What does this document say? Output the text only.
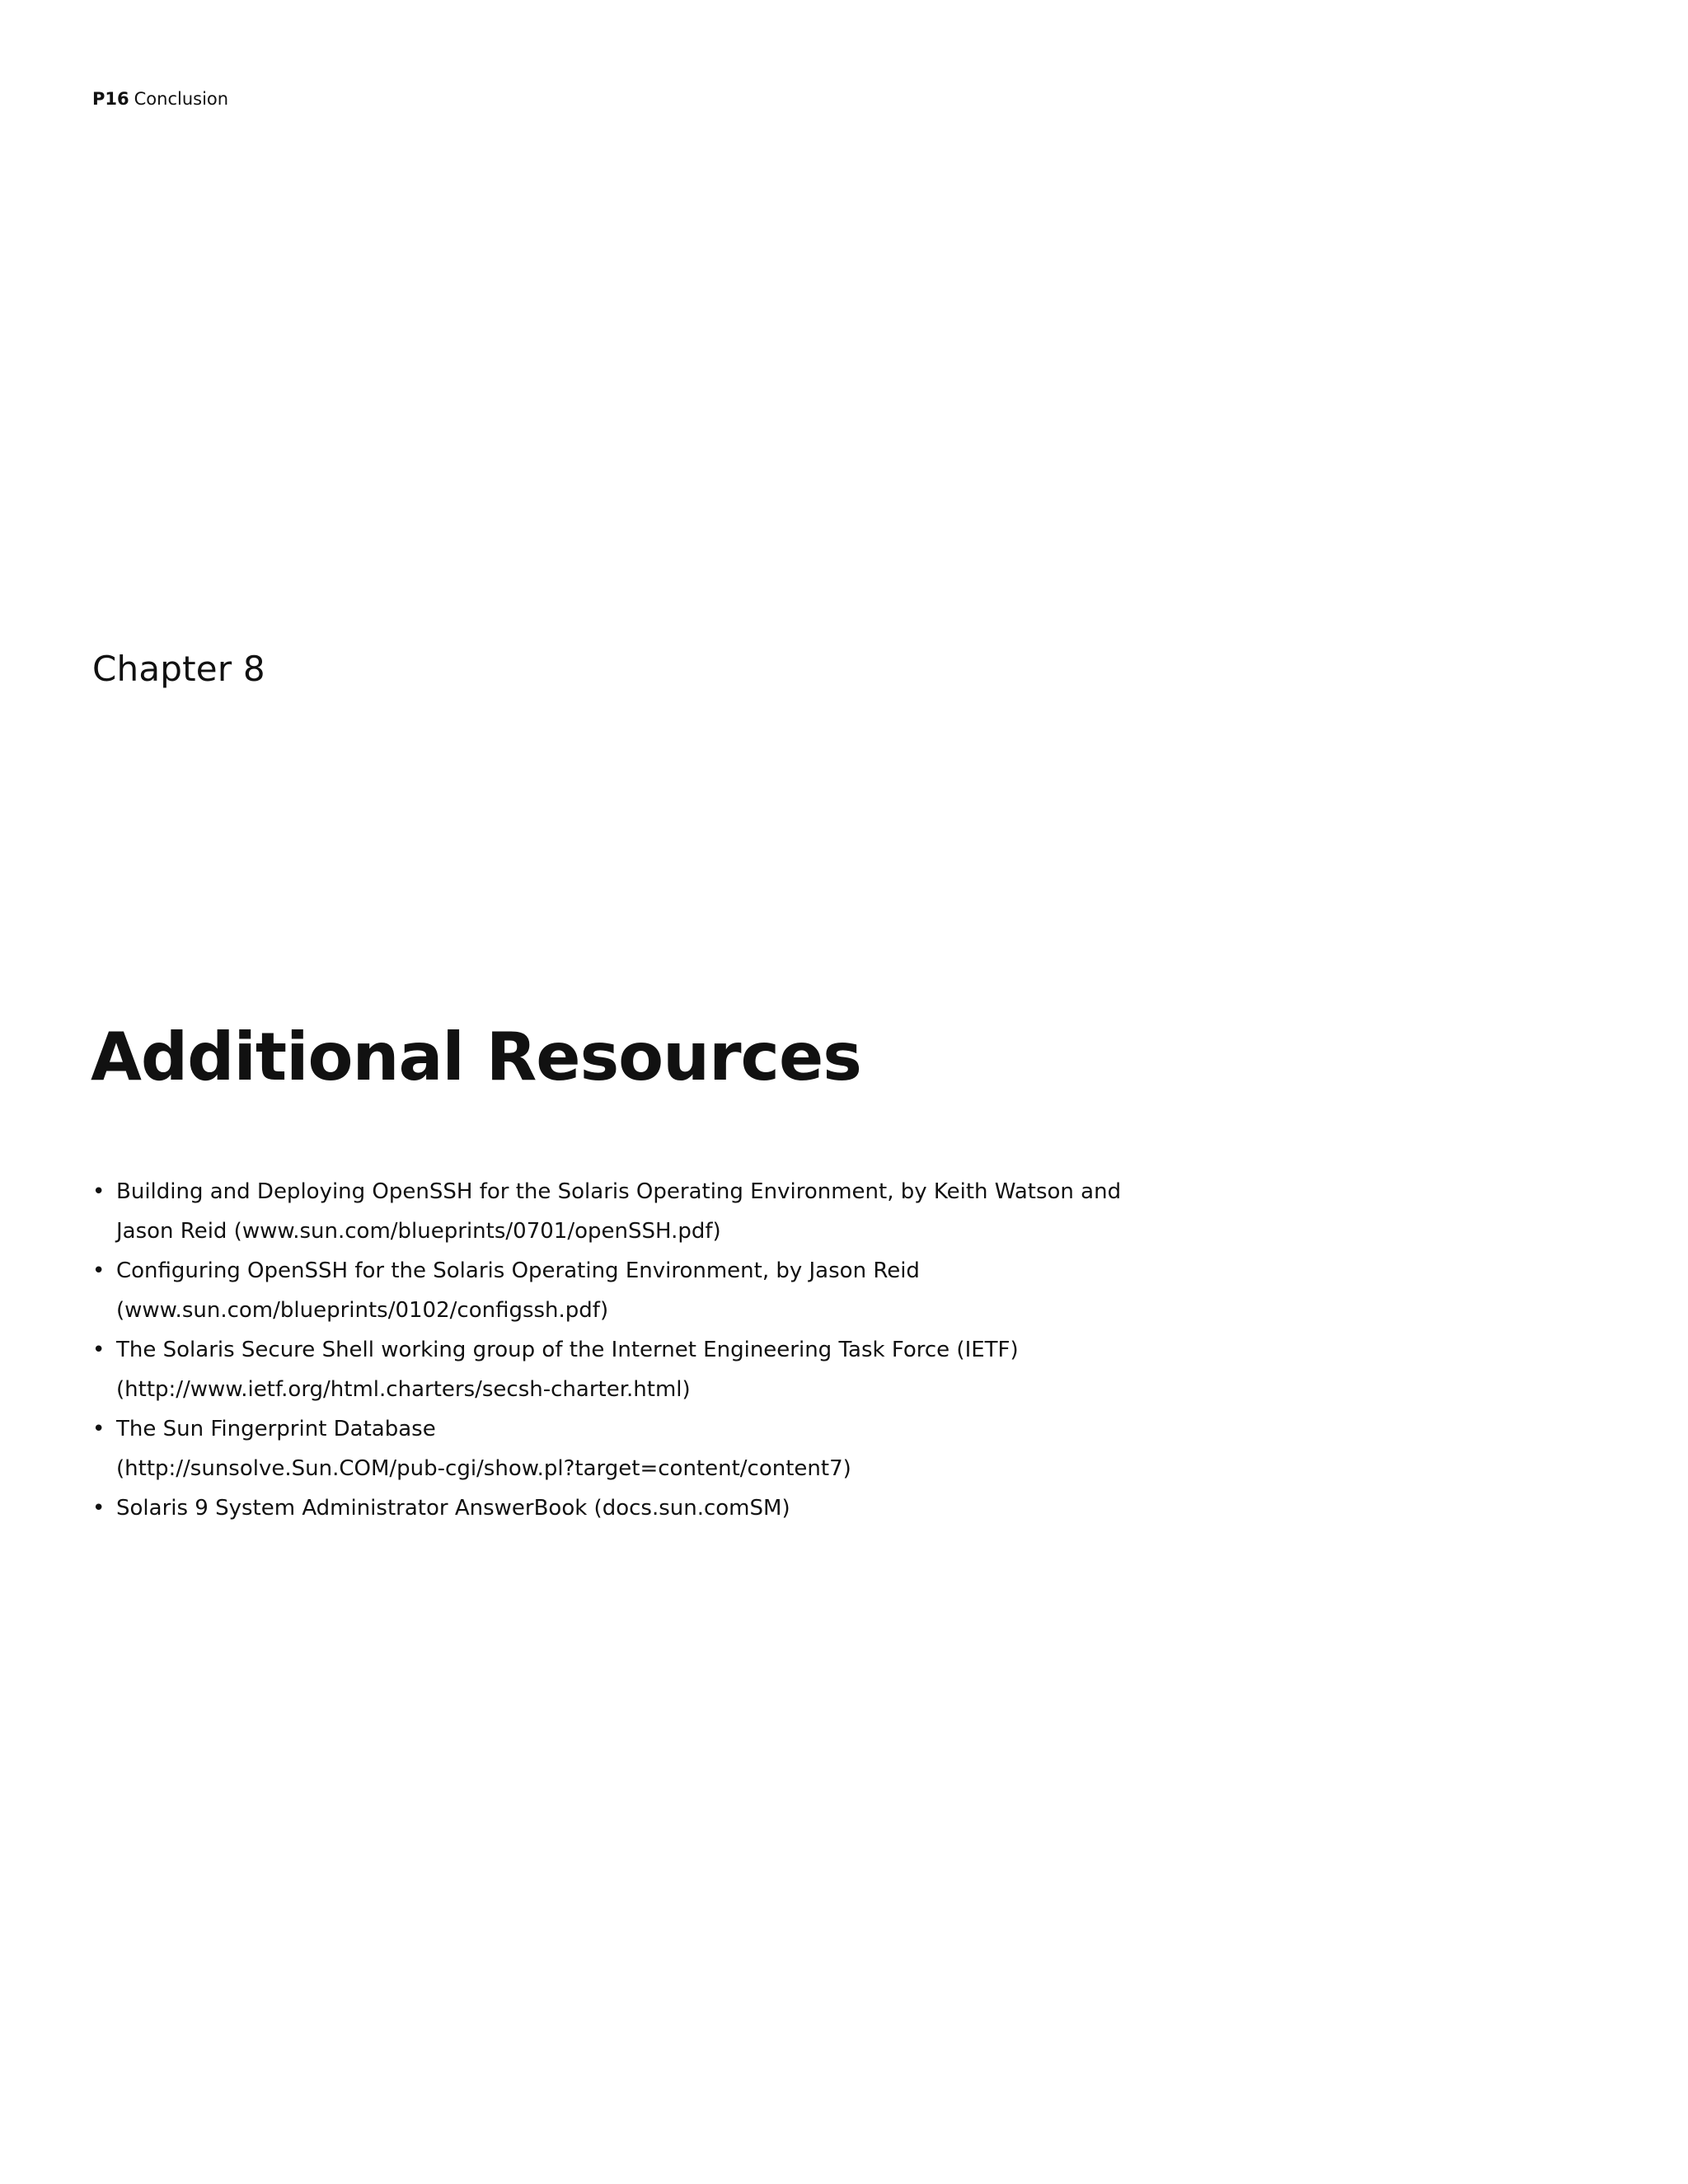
P16 Conclusion
Chapter 8
Additional Resources
• Building and Deploying OpenSSH for the Solaris Operating Environment, by Keith Watson and
Jason Reid (www.sun.com/blueprints/0701/openSSH.pdf)
• Configuring OpenSSH for the Solaris Operating Environment, by Jason Reid
(www.sun.com/blueprints/0102/configssh.pdf)
• The Solaris Secure Shell working group of the Internet Engineering Task Force (IETF)
(http://www.ietf.org/html.charters/secsh-charter.html)
• The Sun Fingerprint Database
(http://sunsolve.Sun.COM/pub-cgi/show.pl?target=content/content7)
• Solaris 9 System Administrator AnswerBook (docs.sun.comSM)
